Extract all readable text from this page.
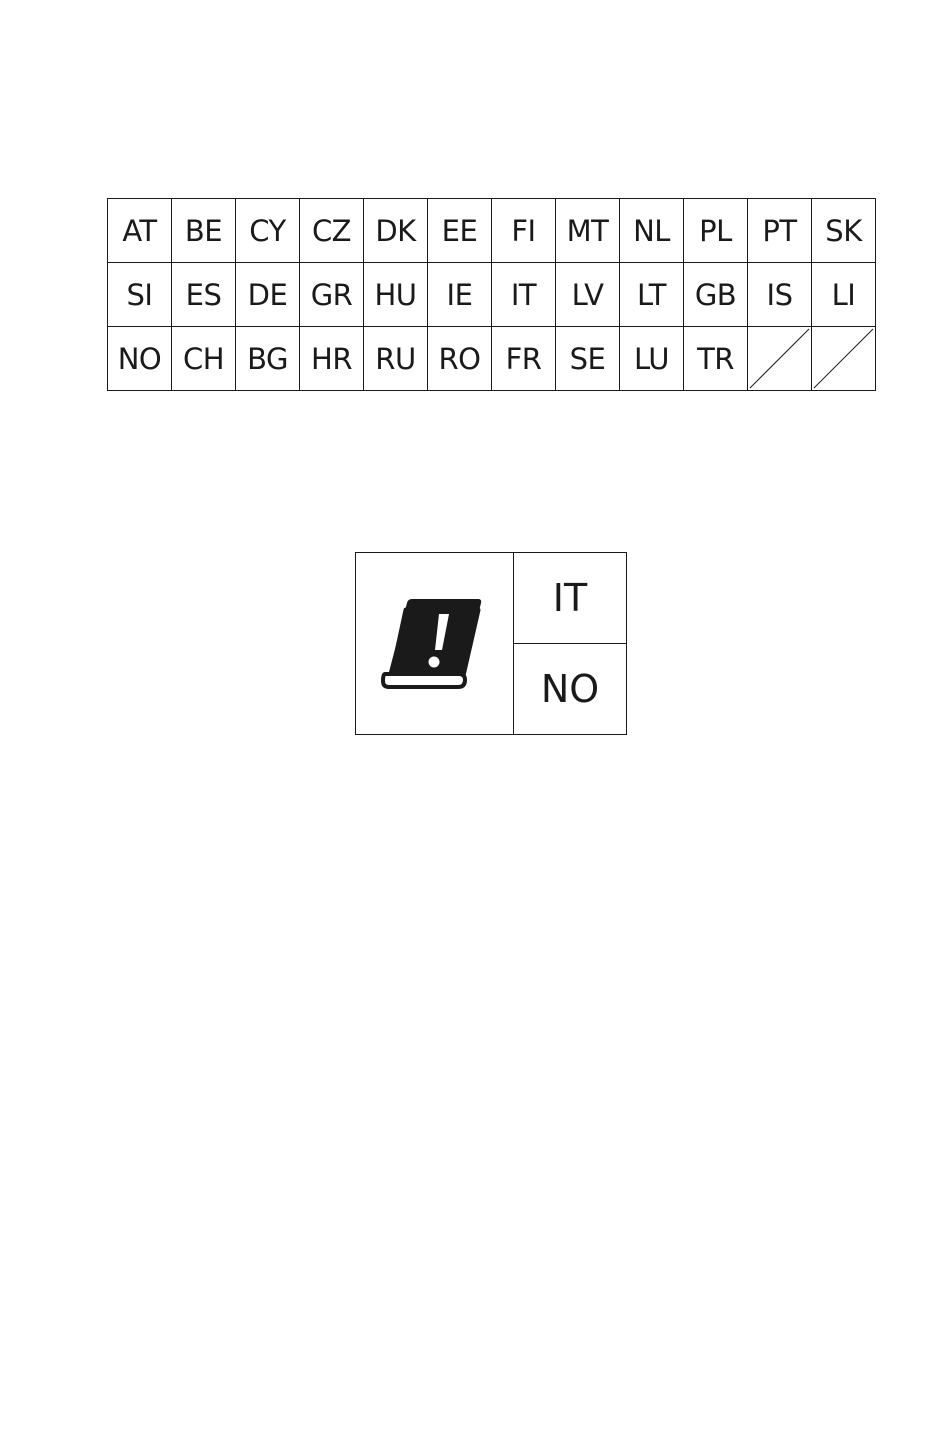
AT	BE	CY	CZ	DK	EE	FI	MT	NL	PL	PT	SK
SI	ES	DE	GR	HU	IE	IT	LV	LT	GB	IS	LI
NO	CH	BG	HR	RU	RO	FR	SE	LU	TR	

IT
NO
